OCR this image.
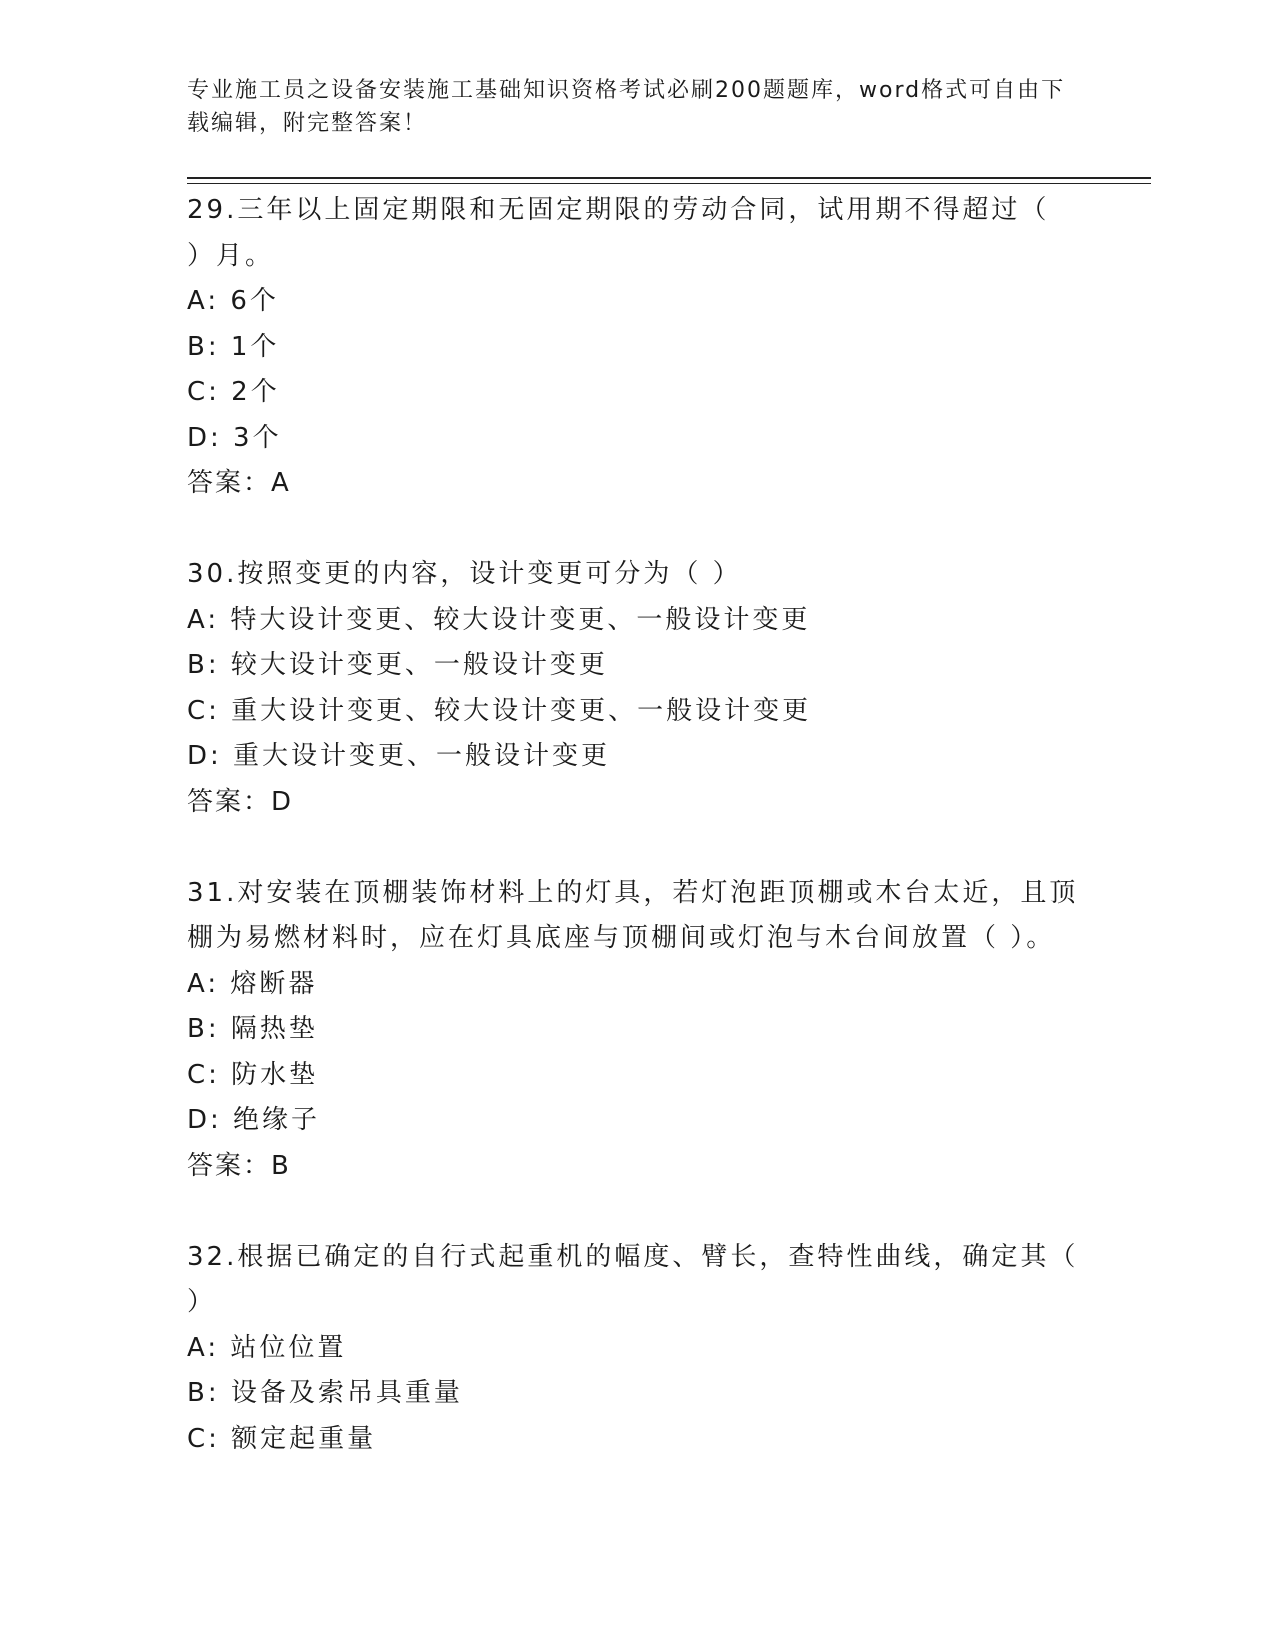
专业施工员之设备安装施工基础知识资格考试必刷200题题库，word格式可自由下载编辑，附完整答案！
29.三年以上固定期限和无固定期限的劳动合同，试用期不得超过（
）月。
A: 6个
B: 1个
C: 2个
D: 3个
答案：A
30.按照变更的内容，设计变更可分为（ ）
A: 特大设计变更、较大设计变更、一般设计变更
B: 较大设计变更、一般设计变更
C: 重大设计变更、较大设计变更、一般设计变更
D: 重大设计变更、一般设计变更
答案：D
31.对安装在顶棚装饰材料上的灯具，若灯泡距顶棚或木台太近，且顶
棚为易燃材料时，应在灯具底座与顶棚间或灯泡与木台间放置（ ）。
A: 熔断器
B: 隔热垫
C: 防水垫
D: 绝缘子
答案：B
32.根据已确定的自行式起重机的幅度、臂长，查特性曲线，确定其（
）
A: 站位位置
B: 设备及索吊具重量
C: 额定起重量
